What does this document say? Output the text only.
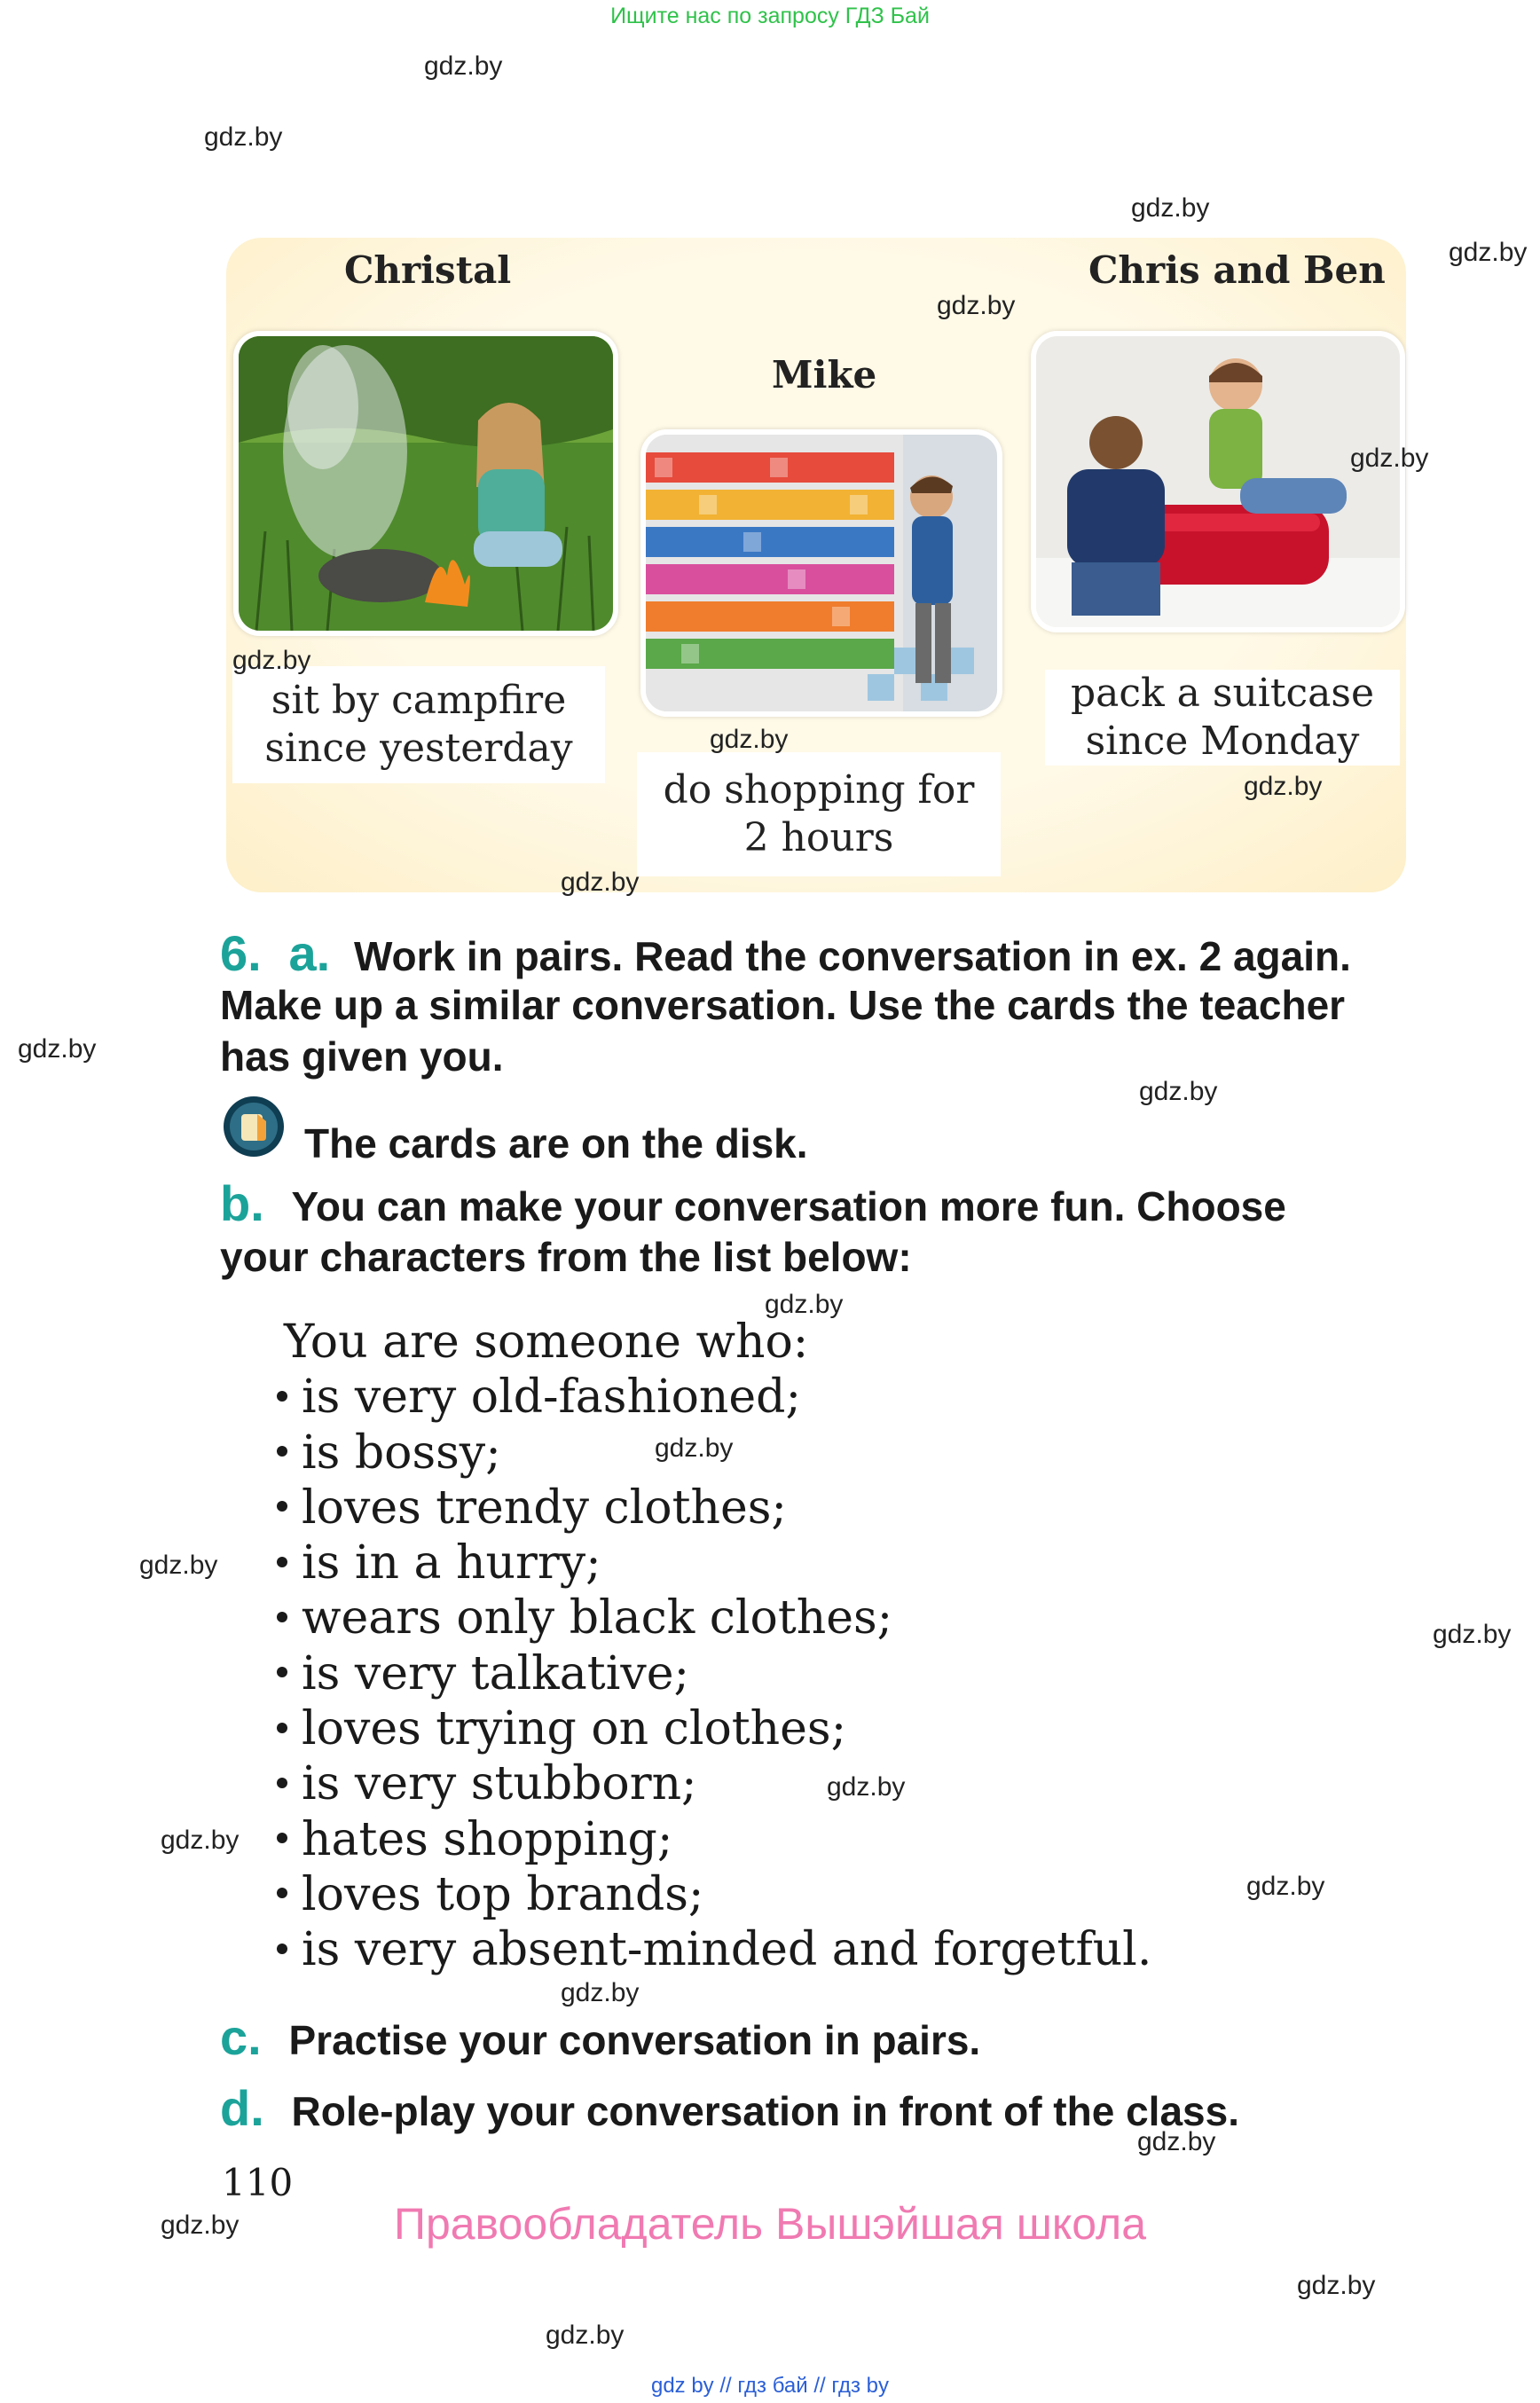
Ищите нас по запросу ГДЗ Бай
gdz.by
gdz.by
gdz.by
gdz.by
Christal	Chris and Ben
Mike
sit by campfire
since yesterday
do shopping for
2 hours
pack a suitcase
since Monday
gdz.by
gdz.by
gdz.by
gdz.by
gdz.by
gdz.by
6. a. Work in pairs. Read the conversation in ex. 2 again.
Make up a similar conversation. Use the cards the teacher
has given you.
gdz.by
gdz.by
The cards are on the disk.
b. You can make your conversation more fun. Choose
your characters from the list below:
gdz.by
You are someone who:
is very old-fashioned;
is bossy;
loves trendy clothes;
is in a hurry;
wears only black clothes;
is very talkative;
loves trying on clothes;
is very stubborn;
hates shopping;
loves top brands;
is very absent-minded and forgetful.
gdz.by
gdz.by
gdz.by
gdz.by
gdz.by
gdz.by
gdz.by
c. Practise your conversation in pairs.
d. Role-play your conversation in front of the class.
gdz.by
110
gdz.by	Правообладатель Вышэйшая школа
gdz.by
gdz.by
gdz by // гдз бай // гдз by
